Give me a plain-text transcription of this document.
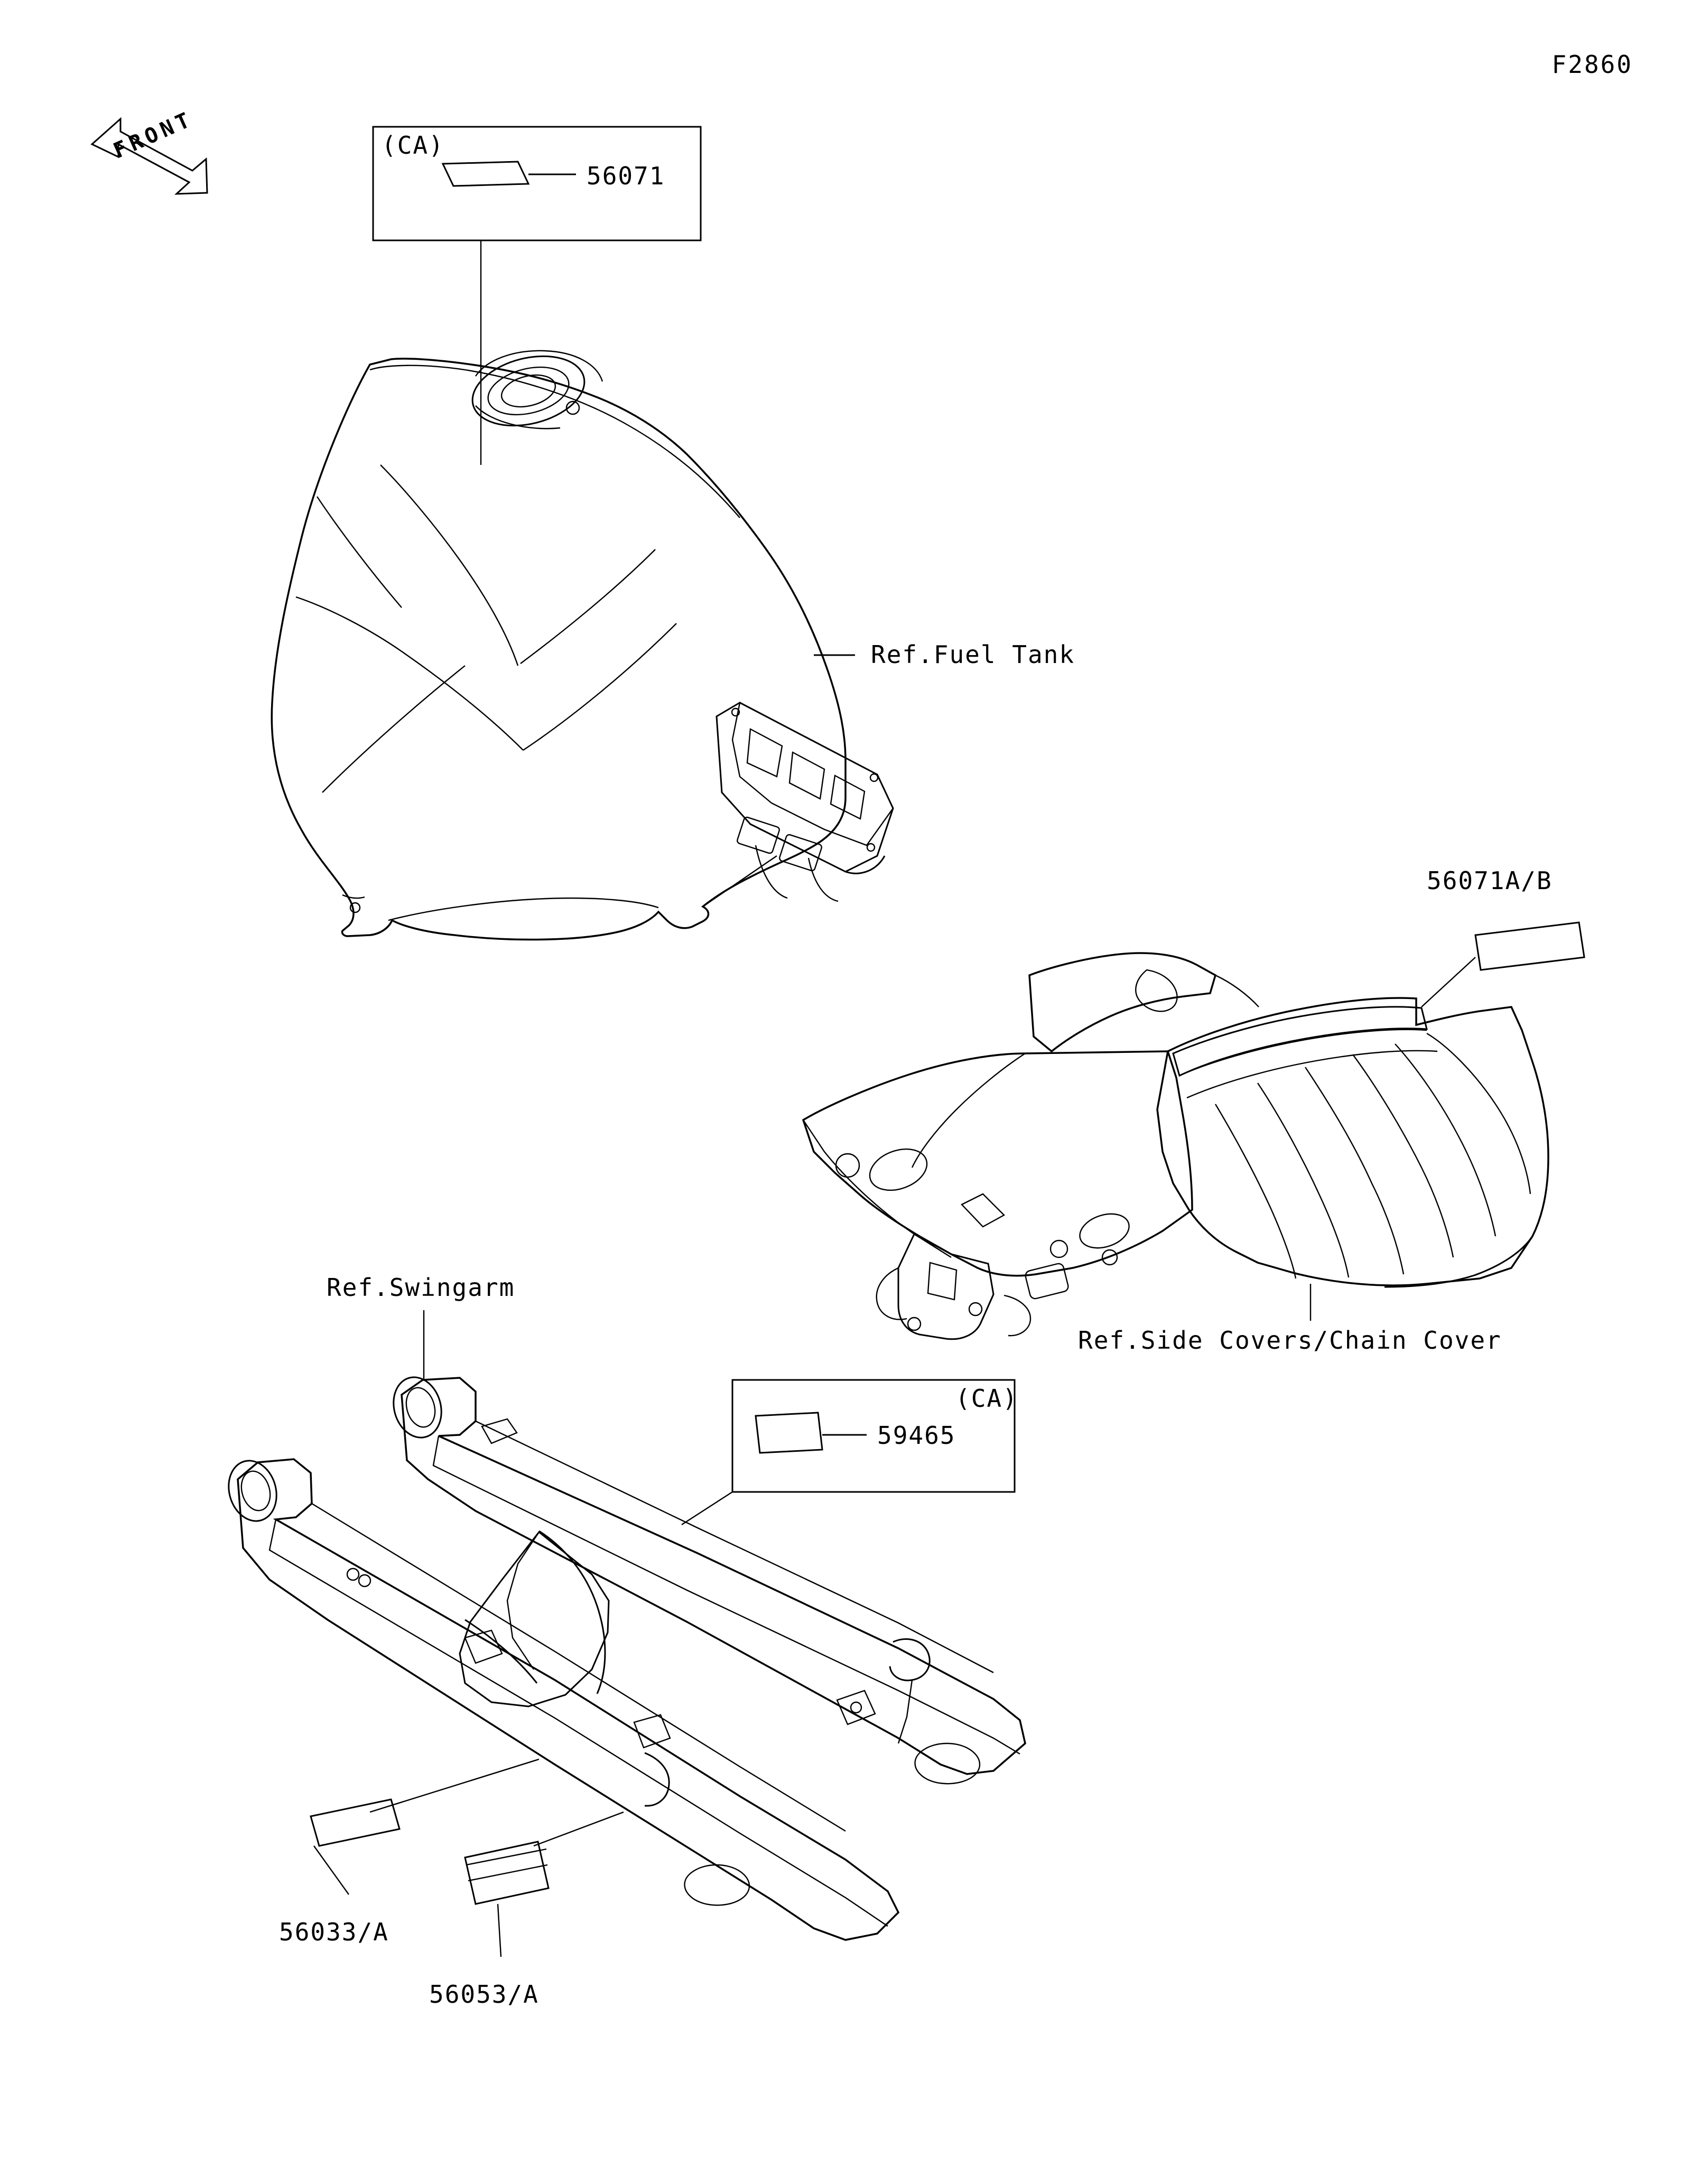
F2860
FRONT	(CA)
56071
Ref.Fuel Tank
56071A/B
Ref.Side Covers/Chain Cover
Ref.Swingarm
(CA)
59465
56033/A
56053/A
